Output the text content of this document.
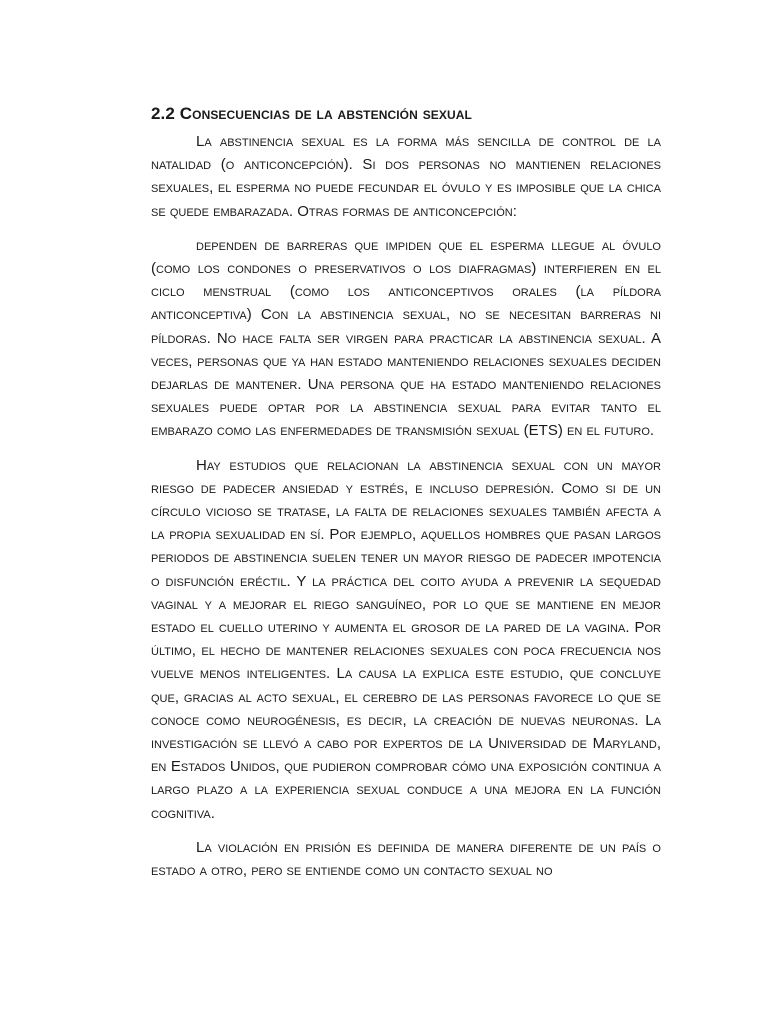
2.2 Consecuencias de la abstención sexual

La abstinencia sexual es la forma más sencilla de control de la natalidad (o anticoncepción). Si dos personas no mantienen relaciones sexuales, el esperma no puede fecundar el óvulo y es imposible que la chica se quede embarazada. Otras formas de anticoncepción:

dependen de barreras que impiden que el esperma llegue al óvulo (como los condones o preservativos o los diafragmas) interfieren en el ciclo menstrual (como los anticonceptivos orales (la píldora anticonceptiva) Con la abstinencia sexual, no se necesitan barreras ni píldoras. No hace falta ser virgen para practicar la abstinencia sexual. A veces, personas que ya han estado manteniendo relaciones sexuales deciden dejarlas de mantener. Una persona que ha estado manteniendo relaciones sexuales puede optar por la abstinencia sexual para evitar tanto el embarazo como las enfermedades de transmisión sexual (ETS) en el futuro.

Hay estudios que relacionan la abstinencia sexual con un mayor riesgo de padecer ansiedad y estrés, e incluso depresión. Como si de un círculo vicioso se tratase, la falta de relaciones sexuales también afecta a la propia sexualidad en sí. Por ejemplo, aquellos hombres que pasan largos periodos de abstinencia suelen tener un mayor riesgo de padecer impotencia o disfunción eréctil. Y la práctica del coito ayuda a prevenir la sequedad vaginal y a mejorar el riego sanguíneo, por lo que se mantiene en mejor estado el cuello uterino y aumenta el grosor de la pared de la vagina. Por último, el hecho de mantener relaciones sexuales con poca frecuencia nos vuelve menos inteligentes. La causa la explica este estudio, que concluye que, gracias al acto sexual, el cerebro de las personas favorece lo que se conoce como neurogénesis, es decir, la creación de nuevas neuronas. La investigación se llevó a cabo por expertos de la Universidad de Maryland, en Estados Unidos, que pudieron comprobar cómo una exposición continua a largo plazo a la experiencia sexual conduce a una mejora en la función cognitiva.

La violación en prisión es definida de manera diferente de un país o estado a otro, pero se entiende como un contacto sexual no
